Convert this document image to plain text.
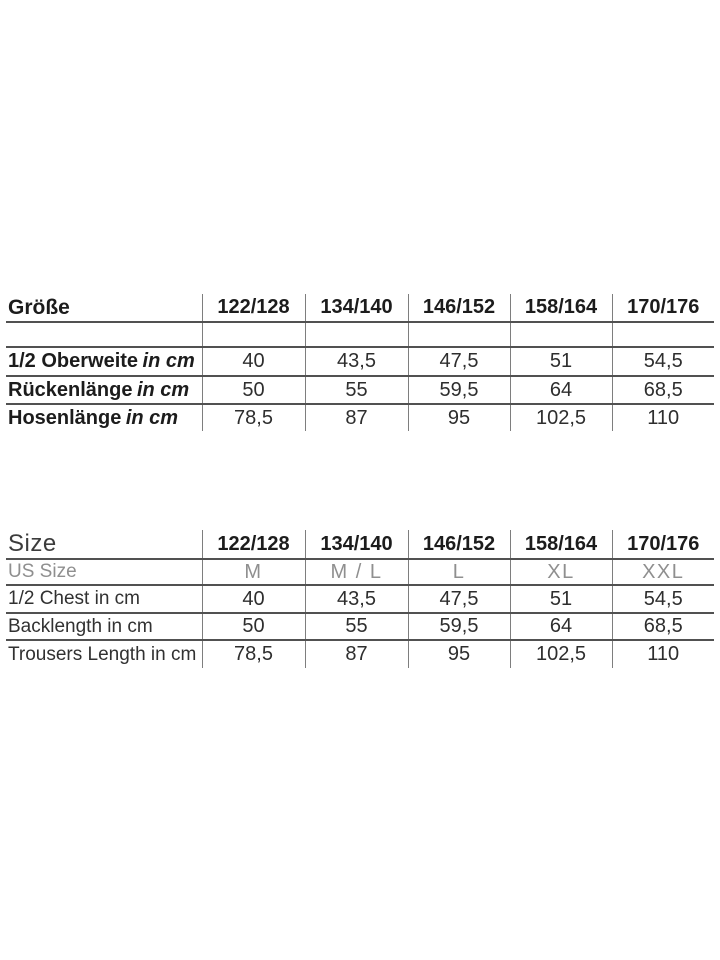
Größe	122/128	134/140	146/152	158/164	170/176

1/2 Oberweite in cm	40	43,5	47,5	51	54,5
Rückenlänge in cm	50	55	59,5	64	68,5
Hosenlänge in cm	78,5	87	95	102,5	110
Size	122/128	134/140	146/152	158/164	170/176
US Size	M	M / L	L	XL	XXL
1/2 Chest in cm	40	43,5	47,5	51	54,5
Backlength in cm	50	55	59,5	64	68,5
Trousers Length in cm	78,5	87	95	102,5	110
